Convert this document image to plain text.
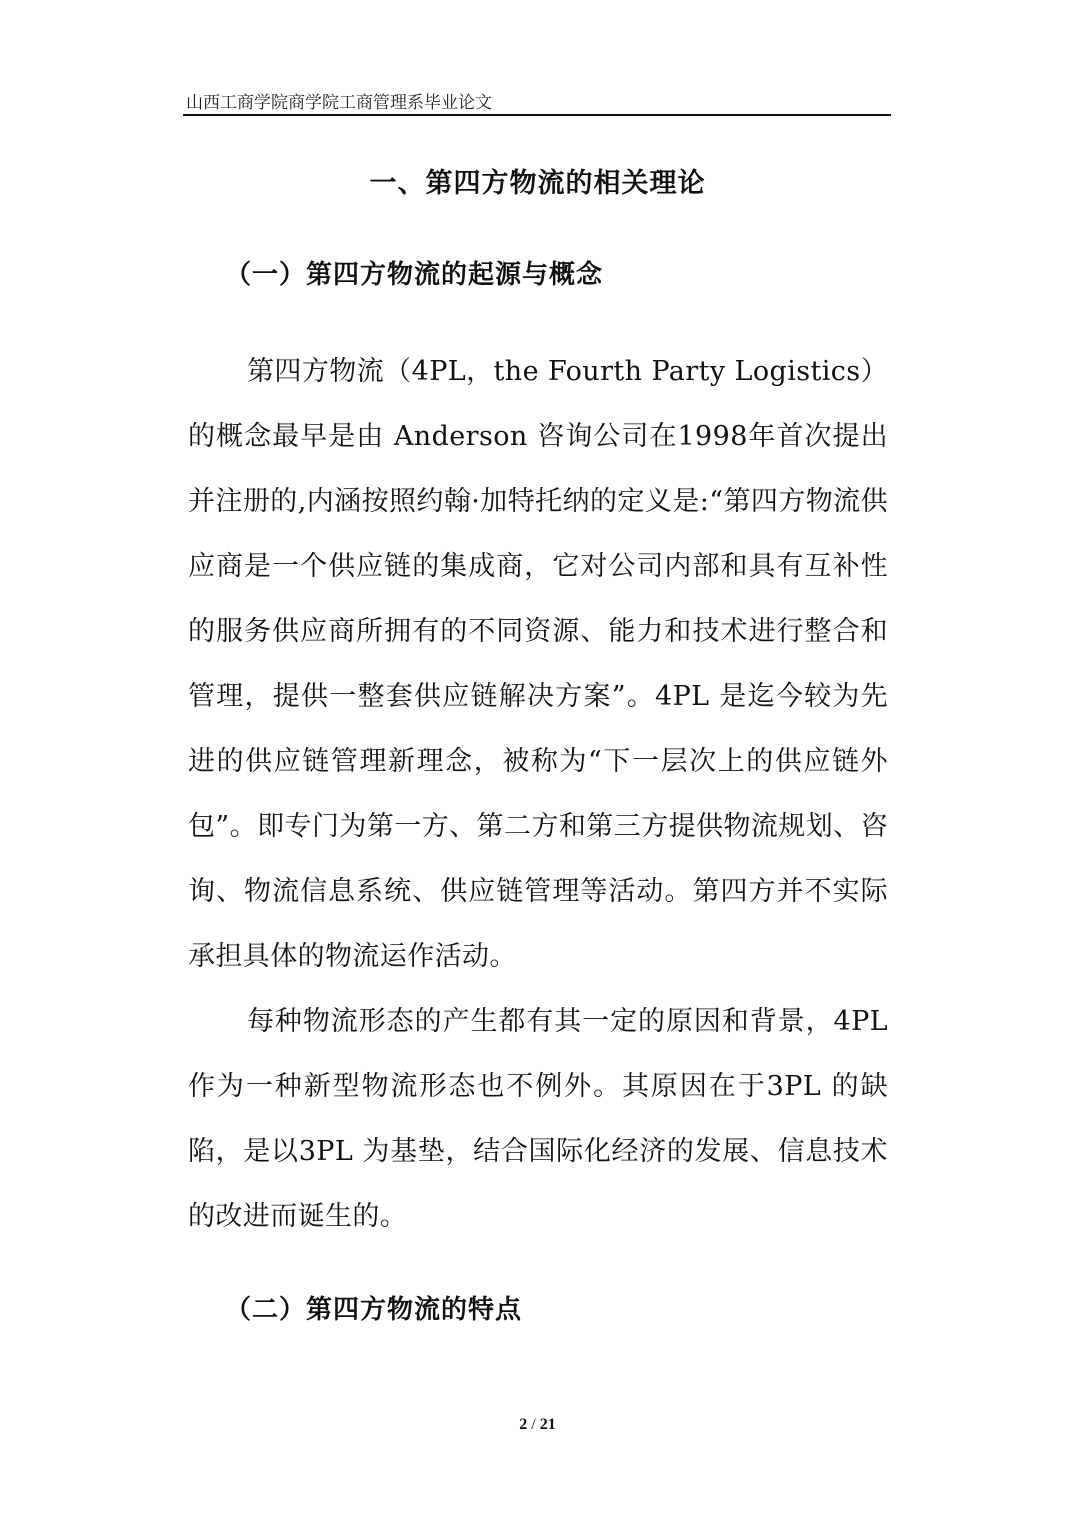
山西工商学院商学院工商管理系毕业论文
一、第四方物流的相关理论
（一）第四方物流的起源与概念

第四方物流（4PL，the Fourth Party Logistics）的概念最早是由 Anderson 咨询公司在1998年首次提出并注册的,内涵按照约翰·加特托纳的定义是:“第四方物流供应商是一个供应链的集成商，它对公司内部和具有互补性的服务供应商所拥有的不同资源、能力和技术进行整合和管理，提供一整套供应链解决方案”。4PL 是迄今较为先进的供应链管理新理念，被称为“下一层次上的供应链外包”。即专门为第一方、第二方和第三方提供物流规划、咨询、物流信息系统、供应链管理等活动。第四方并不实际承担具体的物流运作活动。

每种物流形态的产生都有其一定的原因和背景，4PL作为一种新型物流形态也不例外。其原因在于3PL 的缺陷，是以3PL 为基垫，结合国际化经济的发展、信息技术的改进而诞生的。

（二）第四方物流的特点
2 / 21
